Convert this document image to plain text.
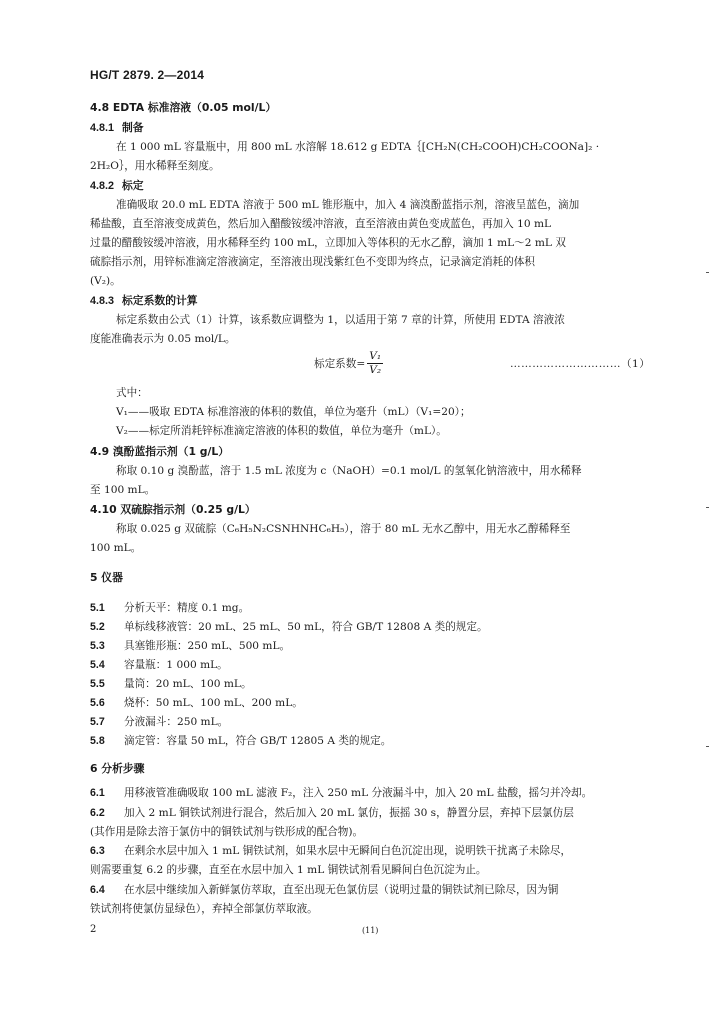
HG/T 2879. 2—2014
4.8 EDTA 标准溶液（0.05 mol/L）
4.8.1 制备
在 1 000 mL 容量瓶中，用 800 mL 水溶解 18.612 g EDTA｛[CH₂N(CH₂COOH)CH₂COONa]₂ ·
2H₂O｝，用水稀释至刻度。
4.8.2 标定
准确吸取 20.0 mL EDTA 溶液于 500 mL 锥形瓶中，加入 4 滴溴酚蓝指示剂，溶液呈蓝色，滴加
稀盐酸，直至溶液变成黄色，然后加入醋酸铵缓冲溶液，直至溶液由黄色变成蓝色，再加入 10 mL
过量的醋酸铵缓冲溶液，用水稀释至约 100 mL，立即加入等体积的无水乙醇，滴加 1 mL～2 mL 双
硫腙指示剂，用锌标准滴定溶液滴定，至溶液出现浅紫红色不变即为终点，记录滴定消耗的体积
(V₂)。
4.8.3 标定系数的计算
标定系数由公式（1）计算，该系数应调整为 1，以适用于第 7 章的计算，所使用 EDTA 溶液浓
度能准确表示为 0.05 mol/L。
标定系数= $\frac{\text{V₁}}{\text{V₂}}$	…………………………（1）
式中：
V₁——吸取 EDTA 标准溶液的体积的数值，单位为毫升（mL）（V₁=20）；
V₂——标定所消耗锌标准滴定溶液的体积的数值，单位为毫升（mL）。
4.9 溴酚蓝指示剂（1 g/L）
称取 0.10 g 溴酚蓝，溶于 1.5 mL 浓度为 c（NaOH）=0.1 mol/L 的氢氧化钠溶液中，用水稀释
至 100 mL。
4.10 双硫腙指示剂（0.25 g/L）
称取 0.025 g 双硫腙（C₆H₅N₂CSNHNHC₆H₅），溶于 80 mL 无水乙醇中，用无水乙醇稀释至
100 mL。
5 仪器
5.1 分析天平：精度 0.1 mg。
5.2 单标线移液管：20 mL、25 mL、50 mL，符合 GB/T 12808 A 类的规定。
5.3 具塞锥形瓶：250 mL、500 mL。
5.4 容量瓶：1 000 mL。
5.5 量筒：20 mL、100 mL。
5.6 烧杯：50 mL、100 mL、200 mL。
5.7 分液漏斗：250 mL。
5.8 滴定管：容量 50 mL，符合 GB/T 12805 A 类的规定。
6 分析步骤
6.1 用移液管准确吸取 100 mL 滤液 F₂，注入 250 mL 分液漏斗中，加入 20 mL 盐酸，摇匀并冷却。
6.2 加入 2 mL 铜铁试剂进行混合，然后加入 20 mL 氯仿，振摇 30 s，静置分层，弃掉下层氯仿层
(其作用是除去溶于氯仿中的铜铁试剂与铁形成的配合物)。
6.3 在剩余水层中加入 1 mL 铜铁试剂，如果水层中无瞬间白色沉淀出现，说明铁干扰离子未除尽，
则需要重复 6.2 的步骤，直至在水层中加入 1 mL 铜铁试剂看见瞬间白色沉淀为止。
6.4 在水层中继续加入新鲜氯仿萃取，直至出现无色氯仿层（说明过量的铜铁试剂已除尽，因为铜
铁试剂将使氯仿显绿色），弃掉全部氯仿萃取液。
2	(11)
